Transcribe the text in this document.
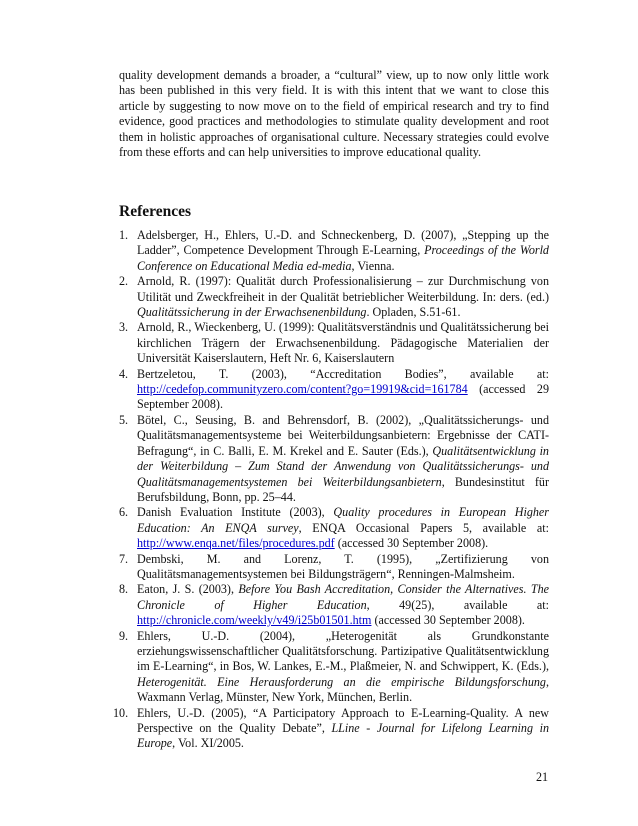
quality development demands a broader, a “cultural” view, up to now only little work has been published in this very field. It is with this intent that we want to close this article by suggesting to now move on to the field of empirical research and try to find evidence, good practices and methodologies to stimulate quality development and root them in holistic approaches of organisational culture. Necessary strategies could evolve from these efforts and can help universities to improve educational quality.

References
1. Adelsberger, H., Ehlers, U.-D. and Schneckenberg, D. (2007), „Stepping up the Ladder”, Competence Development Through E-Learning, Proceedings of the World Conference on Educational Media ed-media, Vienna.
2. Arnold, R. (1997): Qualität durch Professionalisierung – zur Durchmischung von Utilität und Zweckfreiheit in der Qualität betrieblicher Weiterbildung. In: ders. (ed.) Qualitätssicherung in der Erwachsenenbildung. Opladen, S.51-61.
3. Arnold, R., Wieckenberg, U. (1999): Qualitätsverständnis und Qualitätssicherung bei kirchlichen Trägern der Erwachsenenbildung. Pädagogische Materialien der Universität Kaiserslautern, Heft Nr. 6, Kaiserslautern
4. Bertzeletou, T. (2003), “Accreditation Bodies”, available at: http://cedefop.communityzero.com/content?go=19919&cid=161784 (accessed 29 September 2008).
5. Bötel, C., Seusing, B. and Behrensdorf, B. (2002), „Qualitätssicherungs- und Qualitätsmanagementsysteme bei Weiterbildungsanbietern: Ergebnisse der CATI-Befragung“, in C. Balli, E. M. Krekel and E. Sauter (Eds.), Qualitätsentwicklung in der Weiterbildung – Zum Stand der Anwendung von Qualitätssicherungs- und Qualitätsmanagementsystemen bei Weiterbildungsanbietern, Bundesinstitut für Berufsbildung, Bonn, pp. 25–44.
6. Danish Evaluation Institute (2003), Quality procedures in European Higher Education: An ENQA survey, ENQA Occasional Papers 5, available at: http://www.enqa.net/files/procedures.pdf (accessed 30 September 2008).
7. Dembski, M. and Lorenz, T. (1995), „Zertifizierung von Qualitätsmanagementsystemen bei Bildungsträgern“, Renningen-Malmsheim.
8. Eaton, J. S. (2003), Before You Bash Accreditation, Consider the Alternatives. The Chronicle of Higher Education, 49(25), available at: http://chronicle.com/weekly/v49/i25b01501.htm (accessed 30 September 2008).
9. Ehlers, U.-D. (2004), „Heterogenität als Grundkonstante erziehungswissenschaftlicher Qualitätsforschung. Partizipative Qualitätsentwicklung im E-Learning“, in Bos, W. Lankes, E.-M., Plaßmeier, N. and Schwippert, K. (Eds.), Heterogenität. Eine Herausforderung an die empirische Bildungsforschung, Waxmann Verlag, Münster, New York, München, Berlin.
10. Ehlers, U.-D. (2005), “A Participatory Approach to E-Learning-Quality. A new Perspective on the Quality Debate”, LLine - Journal for Lifelong Learning in Europe, Vol. XI/2005.
21
